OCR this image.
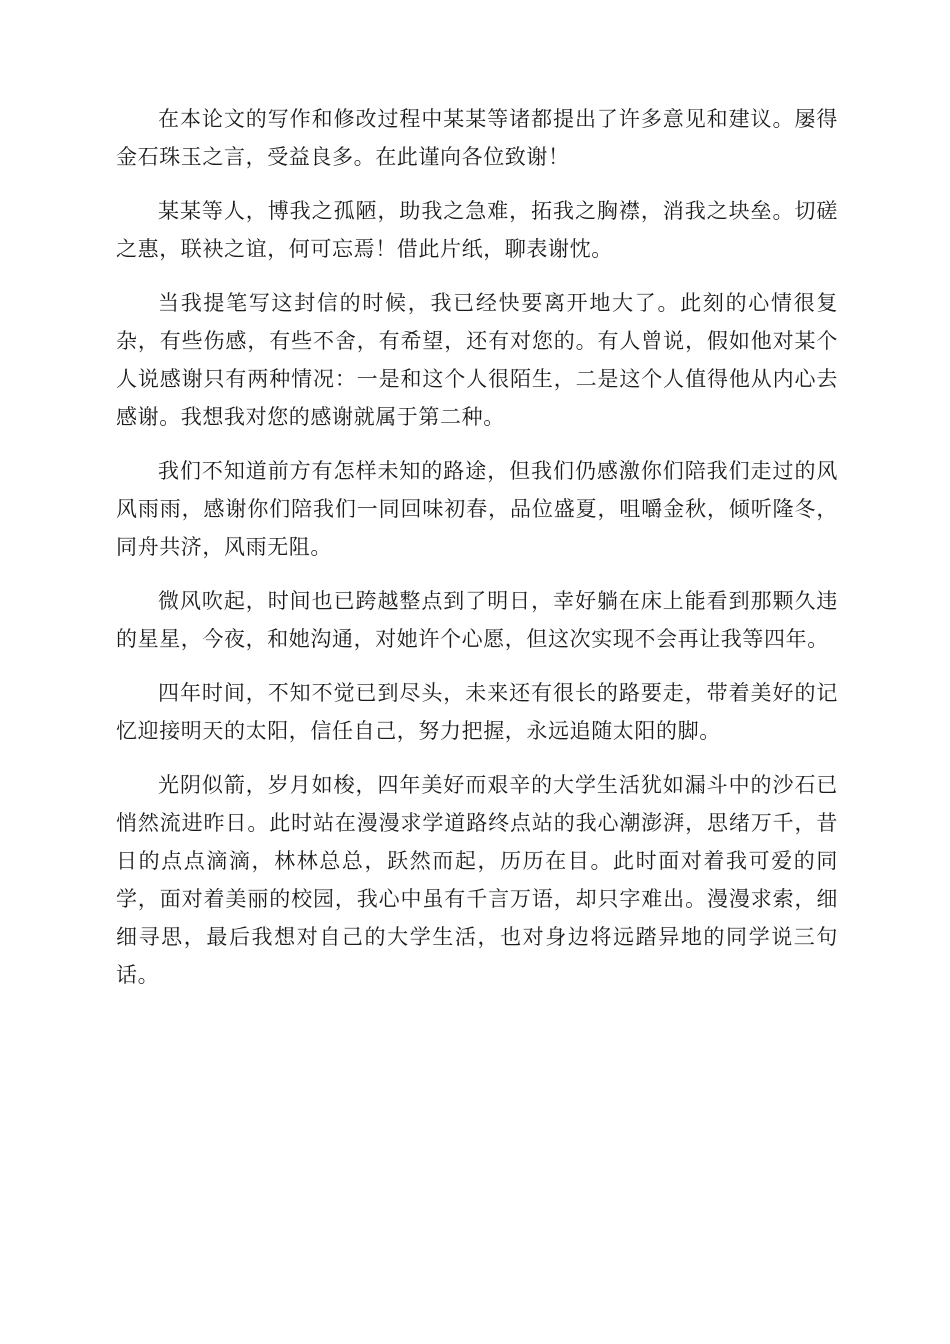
在本论文的写作和修改过程中某某等诸都提出了许多意见和建议。屡得金石珠玉之言，受益良多。在此谨向各位致谢！

某某等人，博我之孤陋，助我之急难，拓我之胸襟，消我之块垒。切磋之惠，联袂之谊，何可忘焉！借此片纸，聊表谢忱。

当我提笔写这封信的时候，我已经快要离开地大了。此刻的心情很复杂，有些伤感，有些不舍，有希望，还有对您的。有人曾说，假如他对某个人说感谢只有两种情况：一是和这个人很陌生，二是这个人值得他从内心去感谢。我想我对您的感谢就属于第二种。

我们不知道前方有怎样未知的路途，但我们仍感激你们陪我们走过的风风雨雨，感谢你们陪我们一同回味初春，品位盛夏，咀嚼金秋，倾听隆冬，同舟共济，风雨无阻。

微风吹起，时间也已跨越整点到了明日，幸好躺在床上能看到那颗久违的星星，今夜，和她沟通，对她许个心愿，但这次实现不会再让我等四年。

四年时间，不知不觉已到尽头，未来还有很长的路要走，带着美好的记忆迎接明天的太阳，信任自己，努力把握，永远追随太阳的脚。

光阴似箭，岁月如梭，四年美好而艰辛的大学生活犹如漏斗中的沙石已悄然流进昨日。此时站在漫漫求学道路终点站的我心潮澎湃，思绪万千，昔日的点点滴滴，林林总总，跃然而起，历历在目。此时面对着我可爱的同学，面对着美丽的校园，我心中虽有千言万语，却只字难出。漫漫求索，细细寻思，最后我想对自己的大学生活，也对身边将远踏异地的同学说三句话。
